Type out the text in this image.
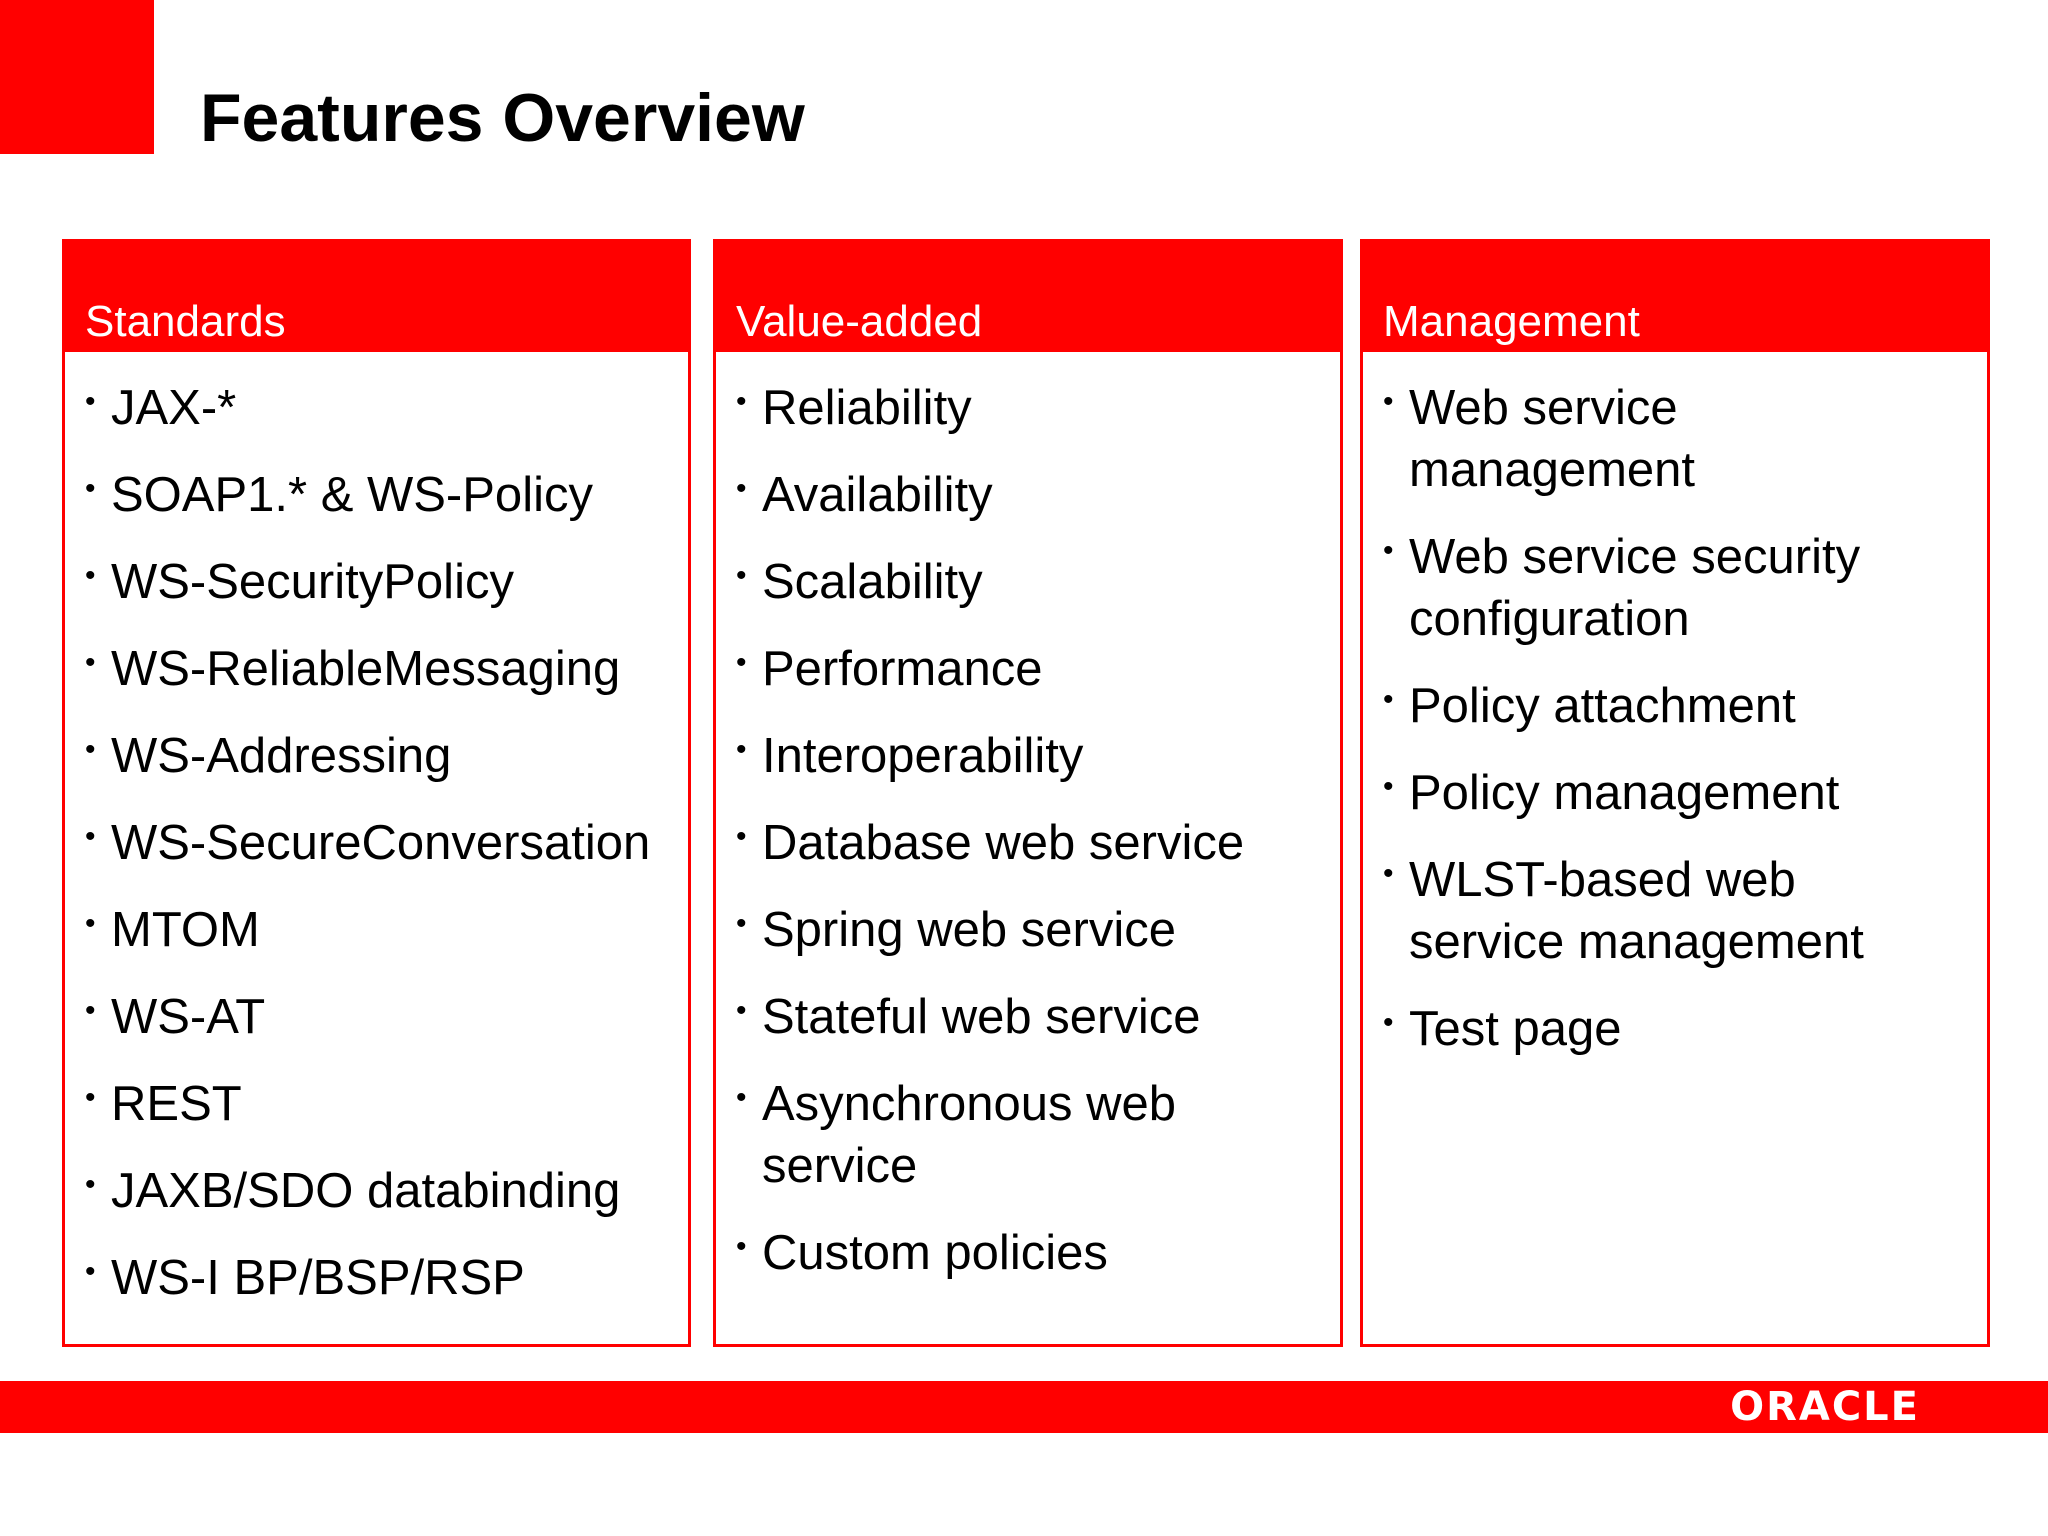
Features Overview
Standards
• JAX-*
• SOAP1.* & WS-Policy
• WS-SecurityPolicy
• WS-ReliableMessaging
• WS-Addressing
• WS-SecureConversation
• MTOM
• WS-AT
• REST
• JAXB/SDO databinding
• WS-I BP/BSP/RSP
Value-added
• Reliability
• Availability
• Scalability
• Performance
• Interoperability
• Database web service
• Spring web service
• Stateful web service
• Asynchronous web service
• Custom policies
Management
• Web service management
• Web service security configuration
• Policy attachment
• Policy management
• WLST-based web service management
• Test page
ORACLE
